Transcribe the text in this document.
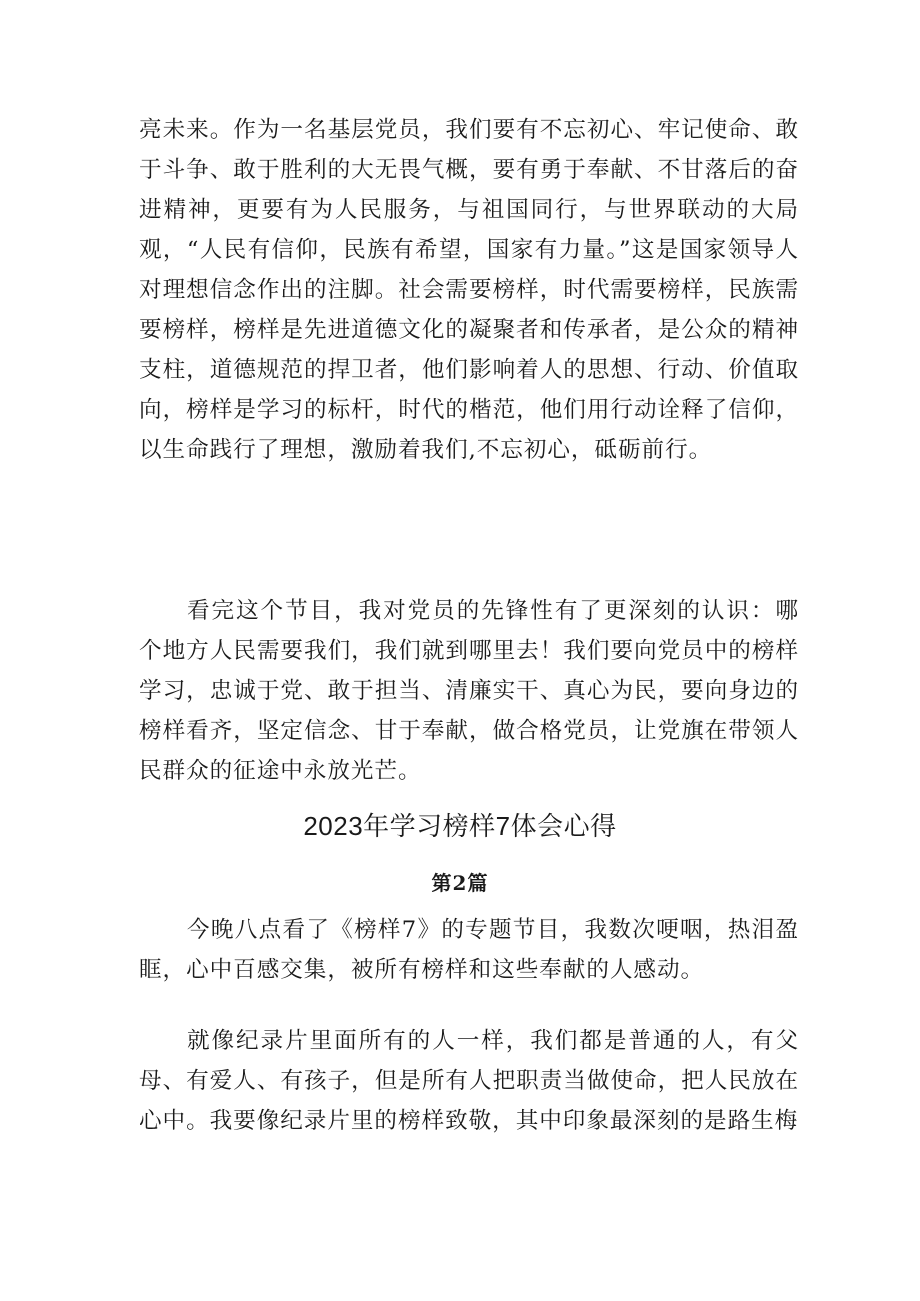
亮未来。作为一名基层党员，我们要有不忘初心、牢记使命、敢于斗争、敢于胜利的大无畏气概，要有勇于奉献、不甘落后的奋进精神，更要有为人民服务，与祖国同行，与世界联动的大局观，“人民有信仰，民族有希望，国家有力量。”这是国家领导人对理想信念作出的注脚。社会需要榜样，时代需要榜样，民族需要榜样，榜样是先进道德文化的凝聚者和传承者，是公众的精神支柱，道德规范的捍卫者，他们影响着人的思想、行动、价值取向，榜样是学习的标杆，时代的楷范，他们用行动诠释了信仰，以生命践行了理想，激励着我们,不忘初心，砥砺前行。

看完这个节目，我对党员的先锋性有了更深刻的认识：哪个地方人民需要我们，我们就到哪里去！我们要向党员中的榜样学习，忠诚于党、敢于担当、清廉实干、真心为民，要向身边的榜样看齐，坚定信念、甘于奉献，做合格党员，让党旗在带领人民群众的征途中永放光芒。

2023年学习榜样7体会心得
第2篇

今晚八点看了《榜样7》的专题节目，我数次哽咽，热泪盈眶，心中百感交集，被所有榜样和这些奉献的人感动。

就像纪录片里面所有的人一样，我们都是普通的人，有父母、有爱人、有孩子，但是所有人把职责当做使命，把人民放在心中。我要像纪录片里的榜样致敬，其中印象最深刻的是路生梅
